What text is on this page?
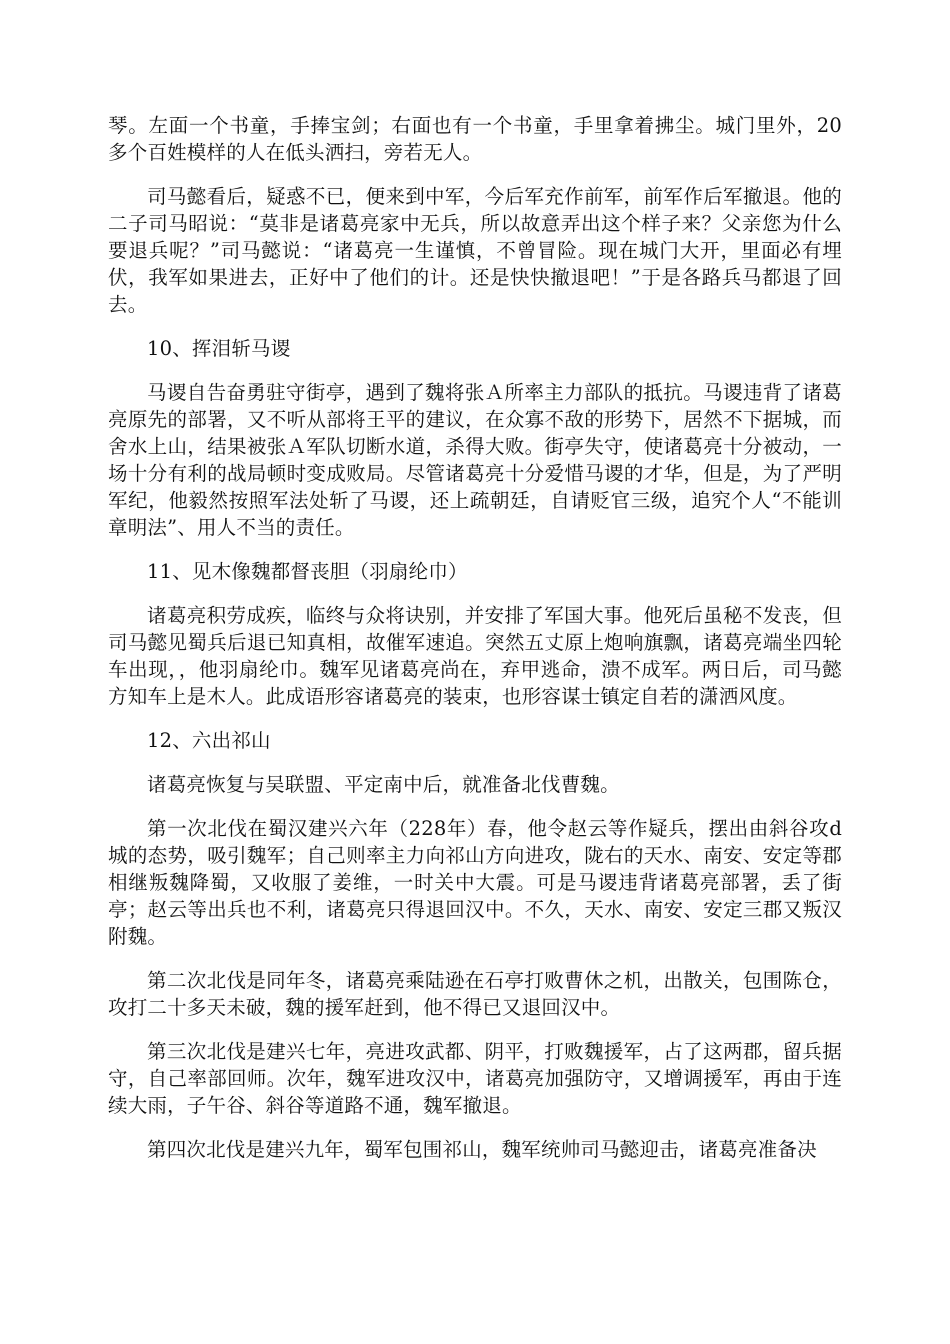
琴。左面一个书童，手捧宝剑；右面也有一个书童，手里拿着拂尘。城门里外，20多个百姓模样的人在低头洒扫，旁若无人。

司马懿看后，疑惑不已，便来到中军，今后军充作前军，前军作后军撤退。他的二子司马昭说：“莫非是诸葛亮家中无兵，所以故意弄出这个样子来？父亲您为什么要退兵呢？”司马懿说：“诸葛亮一生谨慎，不曾冒险。现在城门大开，里面必有埋伏，我军如果进去，正好中了他们的计。还是快快撤退吧！”于是各路兵马都退了回去。

10、挥泪斩马谡

马谡自告奋勇驻守街亭，遇到了魏将张Ａ所率主力部队的抵抗。马谡违背了诸葛亮原先的部署，又不听从部将王平的建议，在众寡不敌的形势下，居然不下据城，而舍水上山，结果被张Ａ军队切断水道，杀得大败。街亭失守，使诸葛亮十分被动，一场十分有利的战局顿时变成败局。尽管诸葛亮十分爱惜马谡的才华，但是，为了严明军纪，他毅然按照军法处斩了马谡，还上疏朝廷，自请贬官三级，追究个人“不能训章明法”、用人不当的责任。

11、见木像魏都督丧胆（羽扇纶巾）

诸葛亮积劳成疾，临终与众将诀别，并安排了军国大事。他死后虽秘不发丧，但司马懿见蜀兵后退已知真相，故催军速追。突然五丈原上炮响旗飘，诸葛亮端坐四轮车出现，，他羽扇纶巾。魏军见诸葛亮尚在，弃甲逃命，溃不成军。两日后，司马懿方知车上是木人。此成语形容诸葛亮的装束，也形容谋士镇定自若的潇洒风度。

12、六出祁山

诸葛亮恢复与吴联盟、平定南中后，就准备北伐曹魏。

第一次北伐在蜀汉建兴六年（228年）春，他令赵云等作疑兵，摆出由斜谷攻d城的态势，吸引魏军；自己则率主力向祁山方向进攻，陇右的天水、南安、安定等郡相继叛魏降蜀，又收服了姜维，一时关中大震。可是马谡违背诸葛亮部署，丢了街亭；赵云等出兵也不利，诸葛亮只得退回汉中。不久，天水、南安、安定三郡又叛汉附魏。

第二次北伐是同年冬，诸葛亮乘陆逊在石亭打败曹休之机，出散关，包围陈仓，攻打二十多天未破，魏的援军赶到，他不得已又退回汉中。

第三次北伐是建兴七年，亮进攻武都、阴平，打败魏援军，占了这两郡，留兵据守，自己率部回师。次年，魏军进攻汉中，诸葛亮加强防守，又增调援军，再由于连续大雨，子午谷、斜谷等道路不通，魏军撤退。

第四次北伐是建兴九年，蜀军包围祁山，魏军统帅司马懿迎击，诸葛亮准备决
